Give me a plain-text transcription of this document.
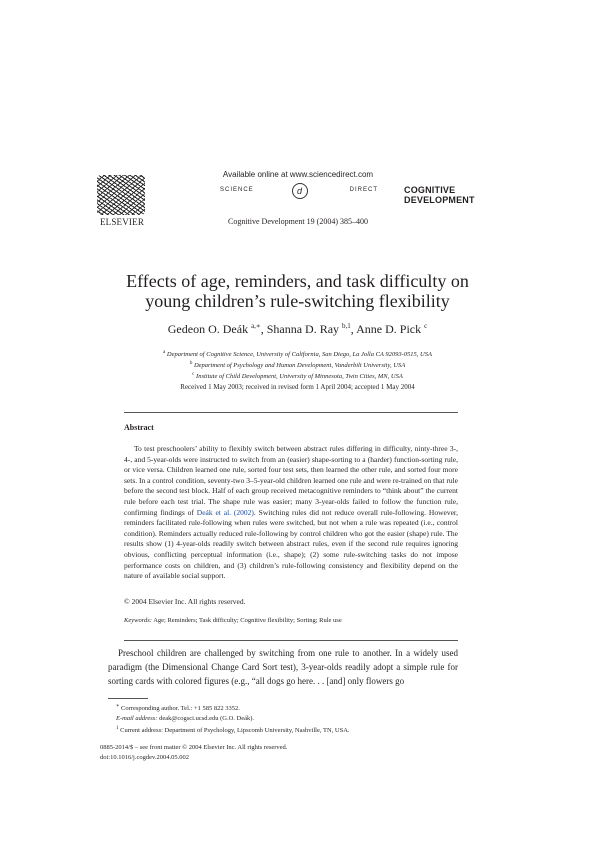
ELSEVIER
Available online at www.sciencedirect.com
SCIENCE	d	DIRECT	COGNITIVE
DEVELOPMENT
Cognitive Development 19 (2004) 385–400
Effects of age, reminders, and task difficulty on
young children’s rule-switching flexibility
Gedeon O. Deák $^{a,∗}$, Shanna D. Ray $^{b,1}$, Anne D. Pick $^c$
$^a$ Department of Cognitive Science, University of California, San Diego, La Jolla CA 92093-0515, USA
$^b$ Department of Psychology and Human Development, Vanderbilt University, USA
$^c$ Institute of Child Development, University of Minnesota, Twin Cities, MN, USA
Received 1 May 2003; received in revised form 1 April 2004; accepted 1 May 2004
Abstract
To test preschoolers’ ability to flexibly switch between abstract rules differing in difficulty, ninty-three 3-, 4-, and 5-year-olds were instructed to switch from an (easier) shape-sorting to a (harder) function-sorting rule, or vice versa. Children learned one rule, sorted four test sets, then learned the other rule, and sorted four more sets. In a control condition, seventy-two 3–5-year-old children learned one rule and were re-trained on that rule before the second test block. Half of each group received metacognitive reminders to “think about” the current rule before each test trial. The shape rule was easier; many 3-year-olds failed to follow the function rule, confirming findings of Deák et al. (2002). Switching rules did not reduce overall rule-following. However, reminders facilitated rule-following when rules were switched, but not when a rule was repeated (i.e., control condition). Reminders actually reduced rule-following by control children who got the easier (shape) rule. The results show (1) 4-year-olds readily switch between abstract rules, even if the second rule requires ignoring obvious, conflicting perceptual information (i.e., shape); (2) some rule-switching tasks do not impose performance costs on children, and (3) children’s rule-following consistency and flexibility depend on the nature of available social support.
© 2004 Elsevier Inc. All rights reserved.
Keywords: Age; Reminders; Task difficulty; Cognitive flexibility; Sorting; Rule use
Preschool children are challenged by switching from one rule to another. In a widely used paradigm (the Dimensional Change Card Sort test), 3-year-olds readily adopt a simple rule for sorting cards with colored figures (e.g., “all dogs go here. . . [and] only flowers go
∗ Corresponding author. Tel.: +1 585 822 3352.
E-mail address: deak@cogsci.ucsd.edu (G.O. Deák).
$^1$ Current address: Department of Psychology, Lipscomb University, Nashville, TN, USA.
0885-2014/$ – see front matter © 2004 Elsevier Inc. All rights reserved.
doi:10.1016/j.cogdev.2004.05.002
